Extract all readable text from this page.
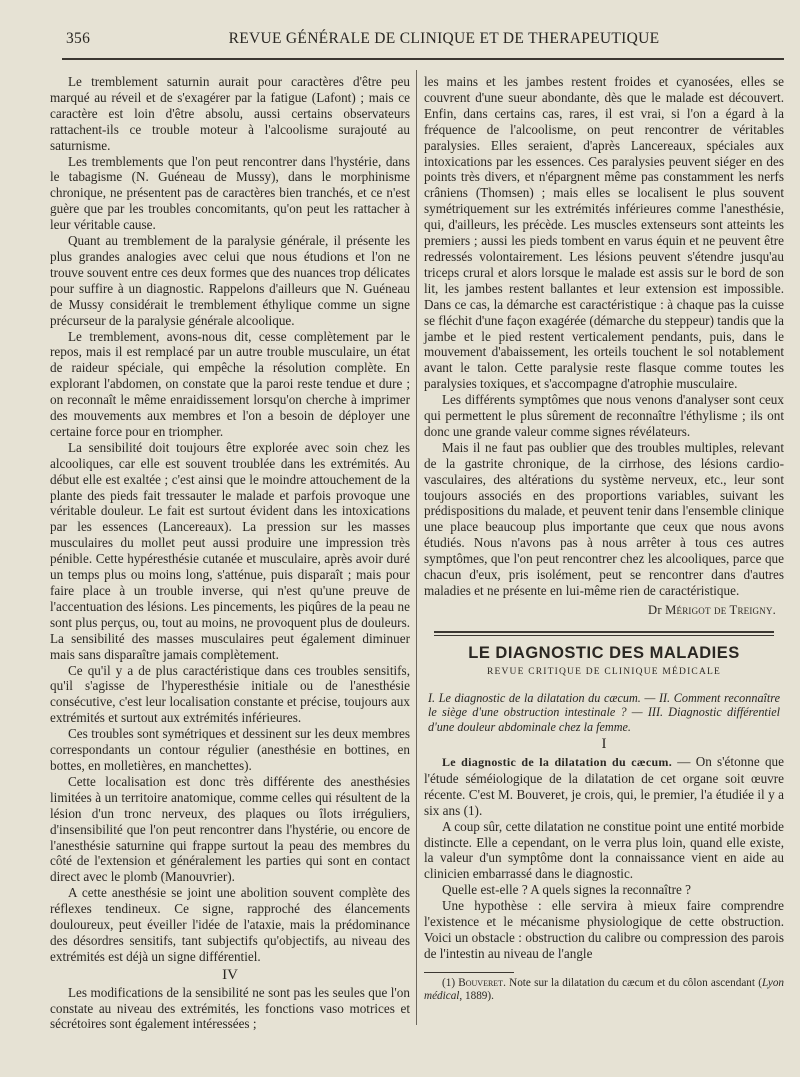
356	REVUE GÉNÉRALE DE CLINIQUE ET DE THERAPEUTIQUE

Le tremblement saturnin aurait pour caractères d'être peu marqué au réveil et de s'exagérer par la fatigue (Lafont) ; mais ce caractère est loin d'être absolu, aussi certains observateurs rattachent-ils ce trouble moteur à l'alcoolisme surajouté au saturnisme.

Les tremblements que l'on peut rencontrer dans l'hystérie, dans le tabagisme (N. Guéneau de Mussy), dans le morphinisme chronique, ne présentent pas de caractères bien tranchés, et ce n'est guère que par les troubles concomitants, qu'on peut les rattacher à leur véritable cause.

Quant au tremblement de la paralysie générale, il présente les plus grandes analogies avec celui que nous étudions et l'on ne trouve souvent entre ces deux formes que des nuances trop délicates pour suffire à un diagnostic. Rappelons d'ailleurs que N. Guéneau de Mussy considérait le tremblement éthylique comme un signe précurseur de la paralysie générale alcoolique.

Le tremblement, avons-nous dit, cesse complètement par le repos, mais il est remplacé par un autre trouble musculaire, un état de raideur spéciale, qui empêche la résolution complète. En explorant l'abdomen, on constate que la paroi reste tendue et dure ; on reconnaît le même enraidissement lorsqu'on cherche à imprimer des mouvements aux membres et l'on a besoin de déployer une certaine force pour en triompher.

La sensibilité doit toujours être explorée avec soin chez les alcooliques, car elle est souvent troublée dans les extrémités. Au début elle est exaltée ; c'est ainsi que le moindre attouchement de la plante des pieds fait tressauter le malade et parfois provoque une véritable douleur. Le fait est surtout évident dans les intoxications par les essences (Lancereaux). La pression sur les masses musculaires du mollet peut aussi produire une impression très pénible. Cette hypéresthésie cutanée et musculaire, après avoir duré un temps plus ou moins long, s'atténue, puis disparaît ; mais pour faire place à un trouble inverse, qui n'est qu'une preuve de l'accentuation des lésions. Les pincements, les piqûres de la peau ne sont plus perçus, ou, tout au moins, ne provoquent plus de douleurs. La sensibilité des masses musculaires peut également diminuer mais sans disparaître jamais complètement.

Ce qu'il y a de plus caractéristique dans ces troubles sensitifs, qu'il s'agisse de l'hyperesthésie initiale ou de l'anesthésie consécutive, c'est leur localisation constante et précise, toujours aux extrémités et surtout aux extrémités inférieures.

Ces troubles sont symétriques et dessinent sur les deux membres correspondants un contour régulier (anesthésie en bottines, en bottes, en molletières, en manchettes).

Cette localisation est donc très différente des anesthésies limitées à un territoire anatomique, comme celles qui résultent de la lésion d'un tronc nerveux, des plaques ou îlots irréguliers, d'insensibilité que l'on peut rencontrer dans l'hystérie, ou encore de l'anesthésie saturnine qui frappe surtout la peau des membres du côté de l'extension et généralement les parties qui sont en contact direct avec le plomb (Manouvrier).

A cette anesthésie se joint une abolition souvent complète des réflexes tendineux. Ce signe, rapproché des élancements douloureux, peut éveiller l'idée de l'ataxie, mais la prédominance des désordres sensitifs, tant subjectifs qu'objectifs, au niveau des extrémités est déjà un signe différentiel.

IV

Les modifications de la sensibilité ne sont pas les seules que l'on constate au niveau des extrémités, les fonctions vaso motrices et sécrétoires sont également intéressées ;

les mains et les jambes restent froides et cyanosées, elles se couvrent d'une sueur abondante, dès que le malade est découvert. Enfin, dans certains cas, rares, il est vrai, si l'on a égard à la fréquence de l'alcoolisme, on peut rencontrer de véritables paralysies. Elles seraient, d'après Lancereaux, spéciales aux intoxications par les essences. Ces paralysies peuvent siéger en des points très divers, et n'épargnent même pas constamment les nerfs crâniens (Thomsen) ; mais elles se localisent le plus souvent symétriquement sur les extrémités inférieures comme l'anesthésie, qui, d'ailleurs, les précède. Les muscles extenseurs sont atteints les premiers ; aussi les pieds tombent en varus équin et ne peuvent être redressés volontairement. Les lésions peuvent s'étendre jusqu'au triceps crural et alors lorsque le malade est assis sur le bord de son lit, les jambes restent ballantes et leur extension est impossible. Dans ce cas, la démarche est caractéristique : à chaque pas la cuisse se fléchit d'une façon exagérée (démarche du steppeur) tandis que la jambe et le pied restent verticalement pendants, puis, dans le mouvement d'abaissement, les orteils touchent le sol notablement avant le talon. Cette paralysie reste flasque comme toutes les paralysies toxiques, et s'accompagne d'atrophie musculaire.

Les différents symptômes que nous venons d'analyser sont ceux qui permettent le plus sûrement de reconnaître l'éthylisme ; ils ont donc une grande valeur comme signes révélateurs.

Mais il ne faut pas oublier que des troubles multiples, relevant de la gastrite chronique, de la cirrhose, des lésions cardio-vasculaires, des altérations du système nerveux, etc., leur sont toujours associés en des proportions variables, suivant les prédispositions du malade, et peuvent tenir dans l'ensemble clinique une place beaucoup plus importante que ceux que nous avons étudiés. Nous n'avons pas à nous arrêter à tous ces autres symptômes, que l'on peut rencontrer chez les alcooliques, parce que chacun d'eux, pris isolément, peut se rencontrer dans d'autres maladies et ne présente en lui-même rien de caractéristique.

Dr Mérigot de Treigny.
LE DIAGNOSTIC DES MALADIES
REVUE CRITIQUE DE CLINIQUE MÉDICALE
I. Le diagnostic de la dilatation du cæcum. — II. Comment reconnaître le siège d'une obstruction intestinale ? — III. Diagnostic différentiel d'une douleur abdominale chez la femme.
I

Le diagnostic de la dilatation du cæcum. — On s'étonne que l'étude séméiologique de la dilatation de cet organe soit œuvre récente. C'est M. Bouveret, je crois, qui, le premier, l'a étudiée il y a six ans (1).

A coup sûr, cette dilatation ne constitue point une entité morbide distincte. Elle a cependant, on le verra plus loin, quand elle existe, la valeur d'un symptôme dont la connaissance vient en aide au clinicien embarrassé dans le diagnostic.

Quelle est-elle ? A quels signes la reconnaître ?

Une hypothèse : elle servira à mieux faire comprendre l'existence et le mécanisme physiologique de cette obstruction. Voici un obstacle : obstruction du calibre ou compression des parois de l'intestin au niveau de l'angle

(1) Bouveret. Note sur la dilatation du cæcum et du côlon ascendant (Lyon médical, 1889).
